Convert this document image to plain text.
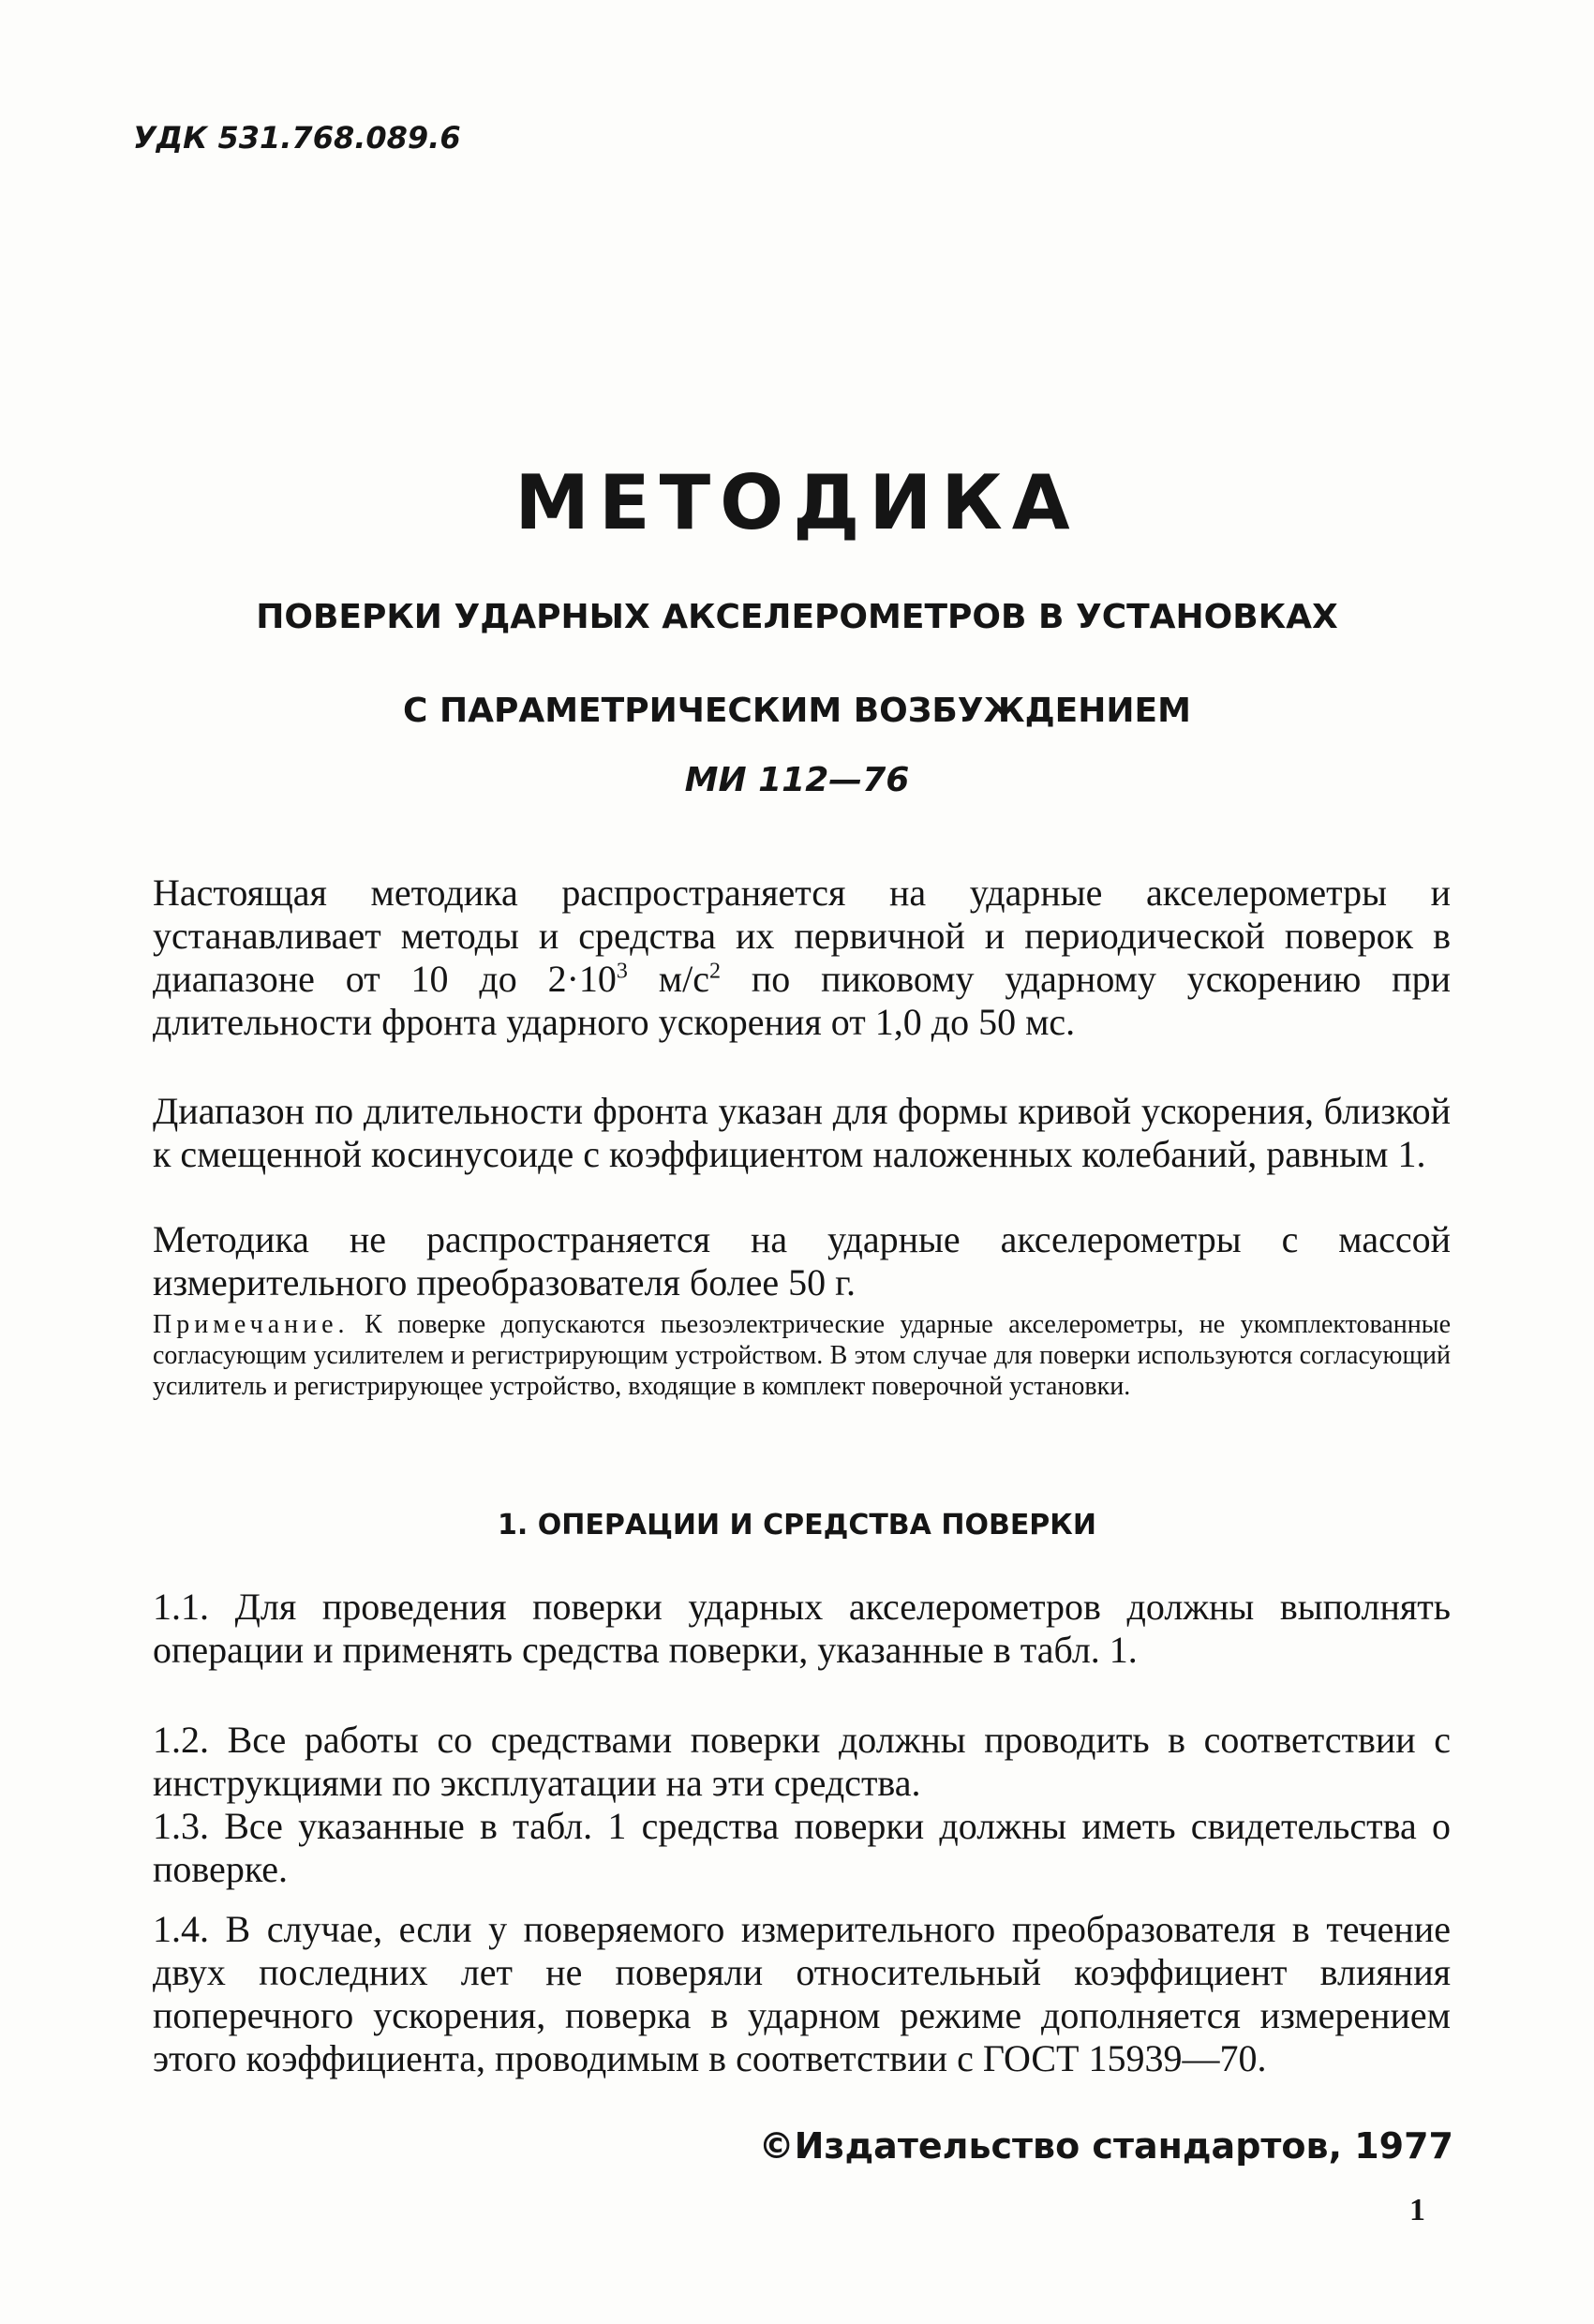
УДК 531.768.089.6
МЕТОДИКА
ПОВЕРКИ УДАРНЫХ АКСЕЛЕРОМЕТРОВ В УСТАНОВКАХ
С ПАРАМЕТРИЧЕСКИМ ВОЗБУЖДЕНИЕМ
МИ 112—76

Настоящая методика распространяется на ударные акселерометры и устанавливает методы и средства их первичной и периодической поверок в диапазоне от 10 до $2\cdot 10^3$ $м/с^2$ по пиковому ударному ускорению при длительности фронта ударного ускорения от 1,0 до 50 мс.

Диапазон по длительности фронта указан для формы кривой ускорения, близкой к смещенной косинусоиде с коэффициентом наложенных колебаний, равным 1.

Методика не распространяется на ударные акселерометры с массой измерительного преобразователя более 50 г.

Примечание. К поверке допускаются пьезоэлектрические ударные акселерометры, не укомплектованные согласующим усилителем и регистрирующим устройством. В этом случае для поверки используются согласующий усилитель и регистрирующее устройство, входящие в комплект поверочной установки.

1. ОПЕРАЦИИ И СРЕДСТВА ПОВЕРКИ

1.1. Для проведения поверки ударных акселерометров должны выполнять операции и применять средства поверки, указанные в табл. 1.

1.2. Все работы со средствами поверки должны проводить в соответствии с инструкциями по эксплуатации на эти средства.

1.3. Все указанные в табл. 1 средства поверки должны иметь свидетельства о поверке.

1.4. В случае, если у поверяемого измерительного преобразователя в течение двух последних лет не поверяли относительный коэффициент влияния поперечного ускорения, поверка в ударном режиме дополняется измерением этого коэффициента, проводимым в соответствии с ГОСТ 15939—70.

©Издательство стандартов, 1977
1
